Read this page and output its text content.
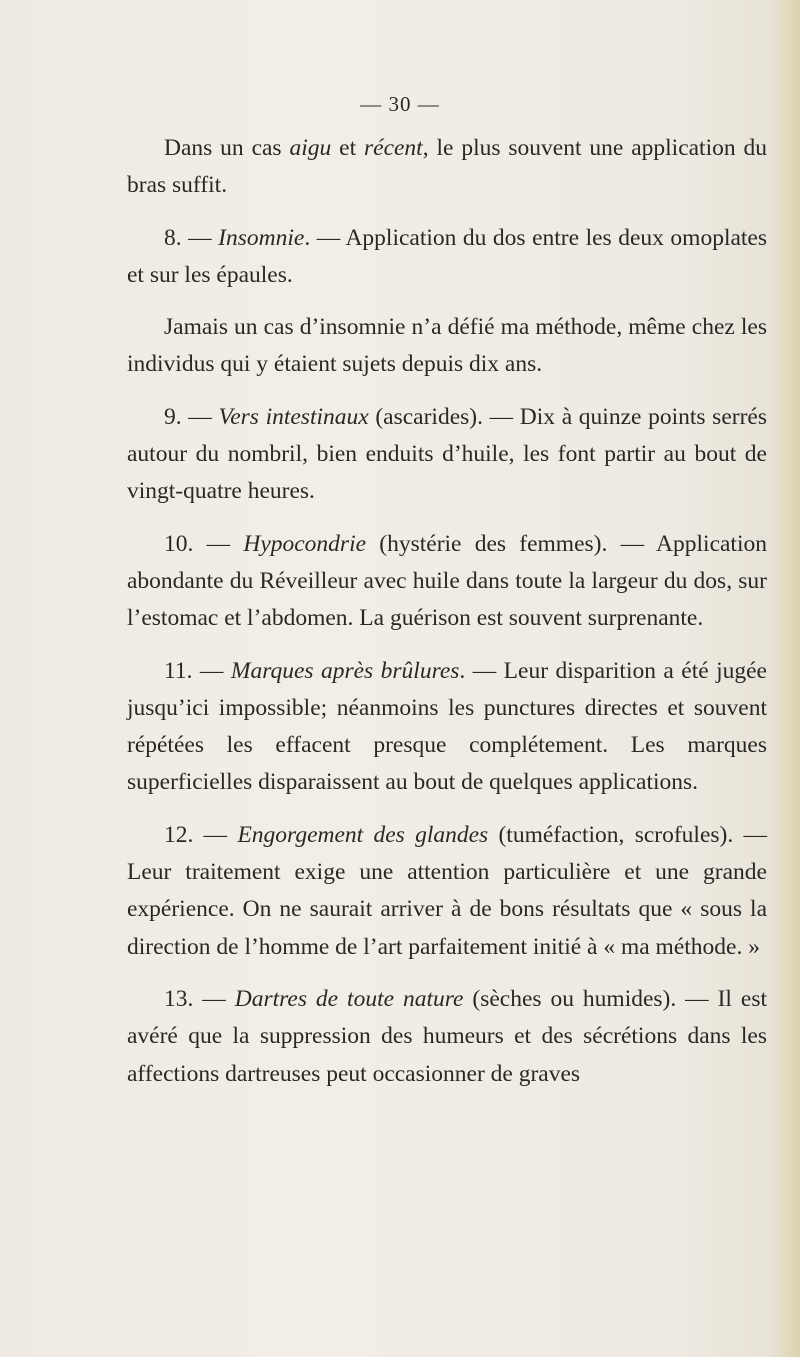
— 30 —

Dans un cas aigu et récent, le plus souvent une application du bras suffit.

8. — Insomnie. — Application du dos entre les deux omoplates et sur les épaules.

Jamais un cas d’insomnie n’a défié ma méthode, même chez les individus qui y étaient sujets depuis dix ans.

9. — Vers intestinaux (ascarides). — Dix à quinze points serrés autour du nombril, bien enduits d’huile, les font partir au bout de vingt-quatre heures.

10. — Hypocondrie (hystérie des femmes). — Application abondante du Réveilleur avec huile dans toute la largeur du dos, sur l’estomac et l’abdomen. La guérison est souvent surprenante.

11. — Marques après brûlures. — Leur disparition a été jugée jusqu’ici impossible; néanmoins les punctures directes et souvent répétées les effacent presque complétement. Les marques superficielles disparaissent au bout de quelques applications.

12. — Engorgement des glandes (tuméfaction, scrofules). — Leur traitement exige une attention particulière et une grande expérience. On ne saurait arriver à de bons résultats que « sous la direction de l’homme de l’art parfaitement initié à « ma méthode. »

13. — Dartres de toute nature (sèches ou humides). — Il est avéré que la suppression des humeurs et des sécrétions dans les affections dartreuses peut occasionner de graves
